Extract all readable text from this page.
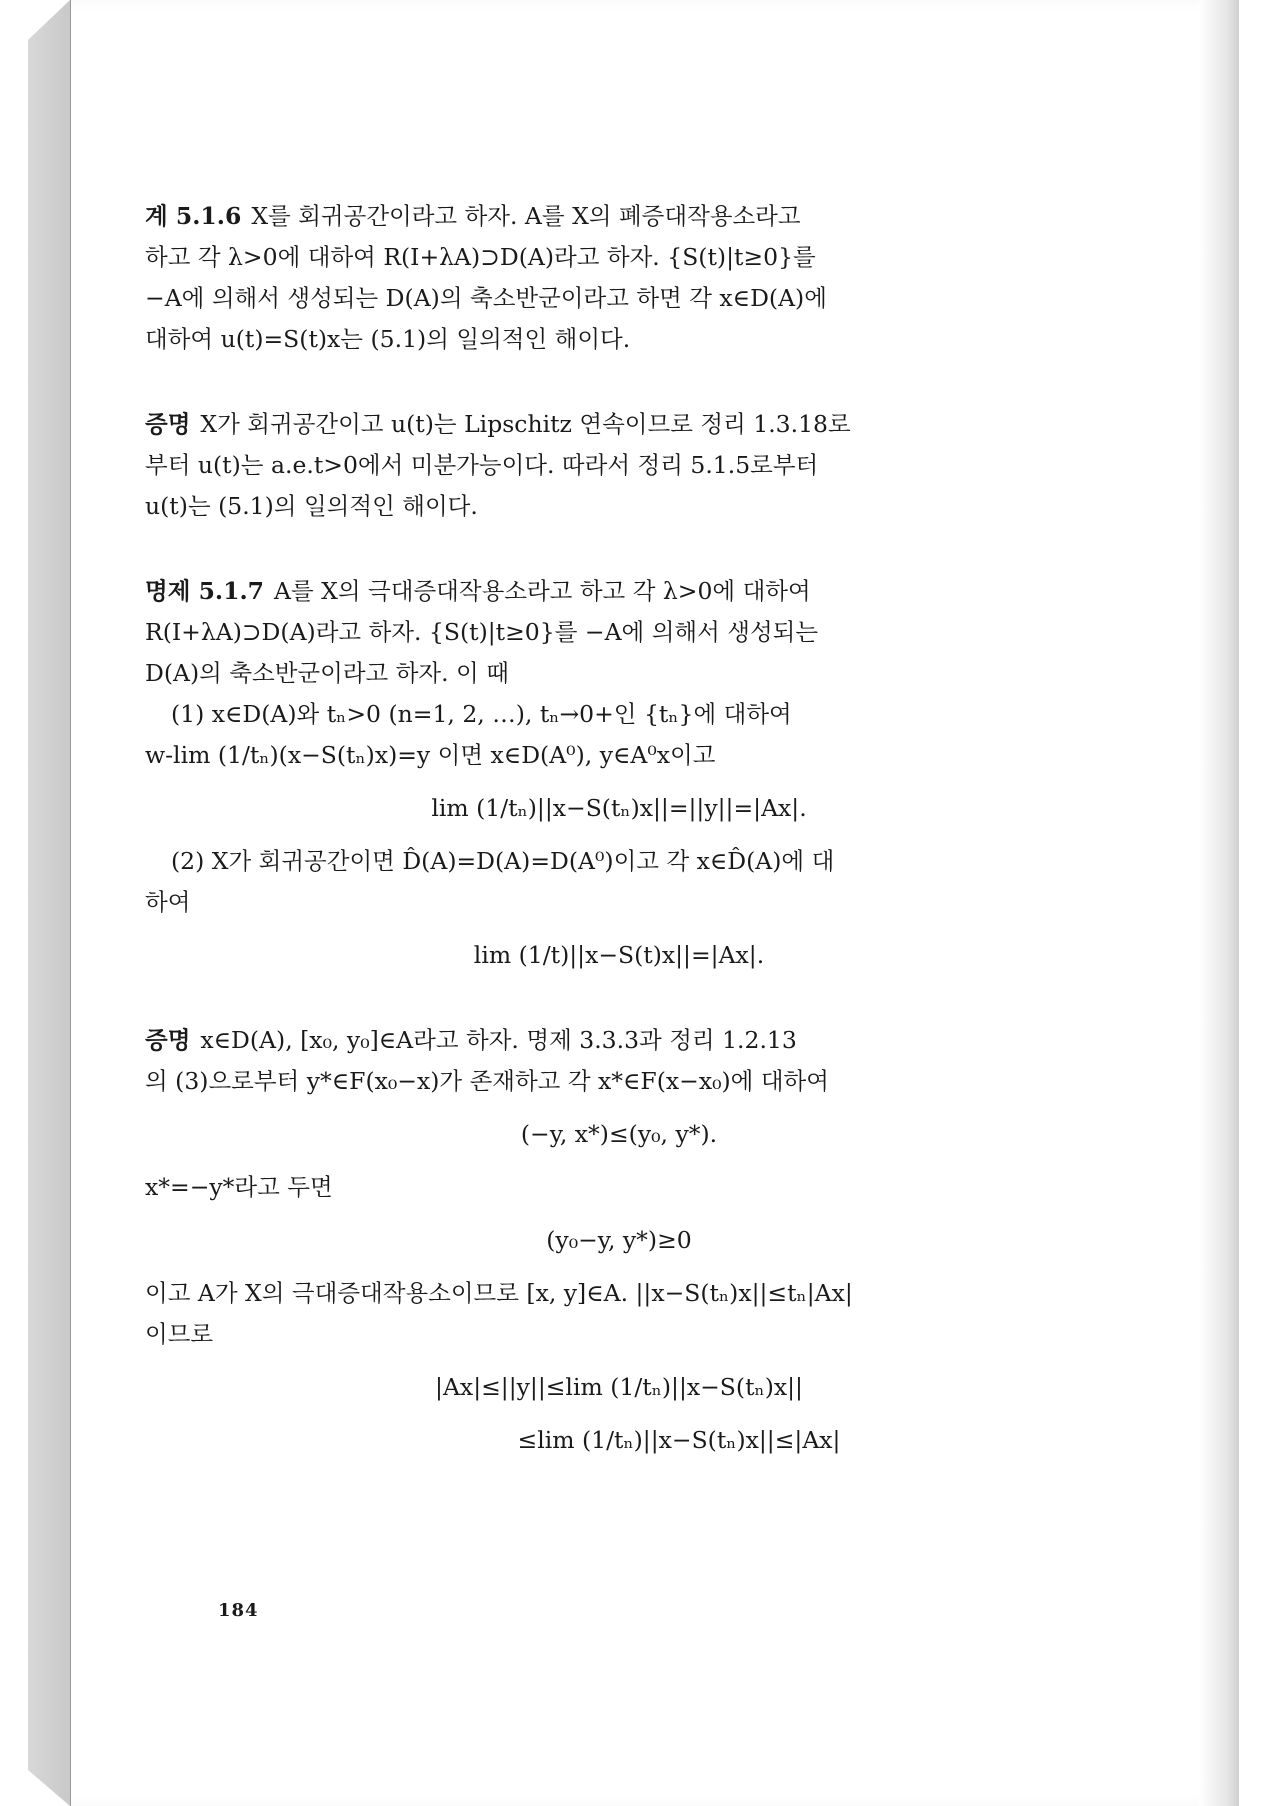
계 5.1.6 X를 회귀공간이라고 하자. A를 X의 폐증대작용소라고
하고 각 λ>0에 대하여 R(I+λA)⊃D(A)라고 하자. {S(t)|t≥0}를
−A에 의해서 생성되는 D(A)의 축소반군이라고 하면 각 x∈D(A)에
대하여 u(t)=S(t)x는 (5.1)의 일의적인 해이다.
증명 X가 회귀공간이고 u(t)는 Lipschitz 연속이므로 정리 1.3.18로
부터 u(t)는 a.e.t>0에서 미분가능이다. 따라서 정리 5.1.5로부터
u(t)는 (5.1)의 일의적인 해이다.
명제 5.1.7 A를 X의 극대증대작용소라고 하고 각 λ>0에 대하여
R(I+λA)⊃D(A)라고 하자. {S(t)|t≥0}를 −A에 의해서 생성되는
D(A)의 축소반군이라고 하자. 이 때
(1) x∈D(A)와 tₙ>0 (n=1, 2, …), tₙ→0+인 {tₙ}에 대하여
w-lim (1/tₙ)(x−S(tₙ)x)=y 이면 x∈D(A⁰), y∈A⁰x이고
lim (1/tₙ)||x−S(tₙ)x||=||y||=|Ax|.
(2) X가 회귀공간이면 D̂(A)=D(A)=D(A⁰)이고 각 x∈D̂(A)에 대
하여
lim (1/t)||x−S(t)x||=|Ax|.
증명 x∈D(A), [x₀, y₀]∈A라고 하자. 명제 3.3.3과 정리 1.2.13
의 (3)으로부터 y*∈F(x₀−x)가 존재하고 각 x*∈F(x−x₀)에 대하여
(−y, x*)≤(y₀, y*).
x*=−y*라고 두면
(y₀−y, y*)≥0
이고 A가 X의 극대증대작용소이므로 [x, y]∈A. ||x−S(tₙ)x||≤tₙ|Ax|
이므로
|Ax|≤||y||≤lim (1/tₙ)||x−S(tₙ)x||
≤lim (1/tₙ)||x−S(tₙ)x||≤|Ax|
184
